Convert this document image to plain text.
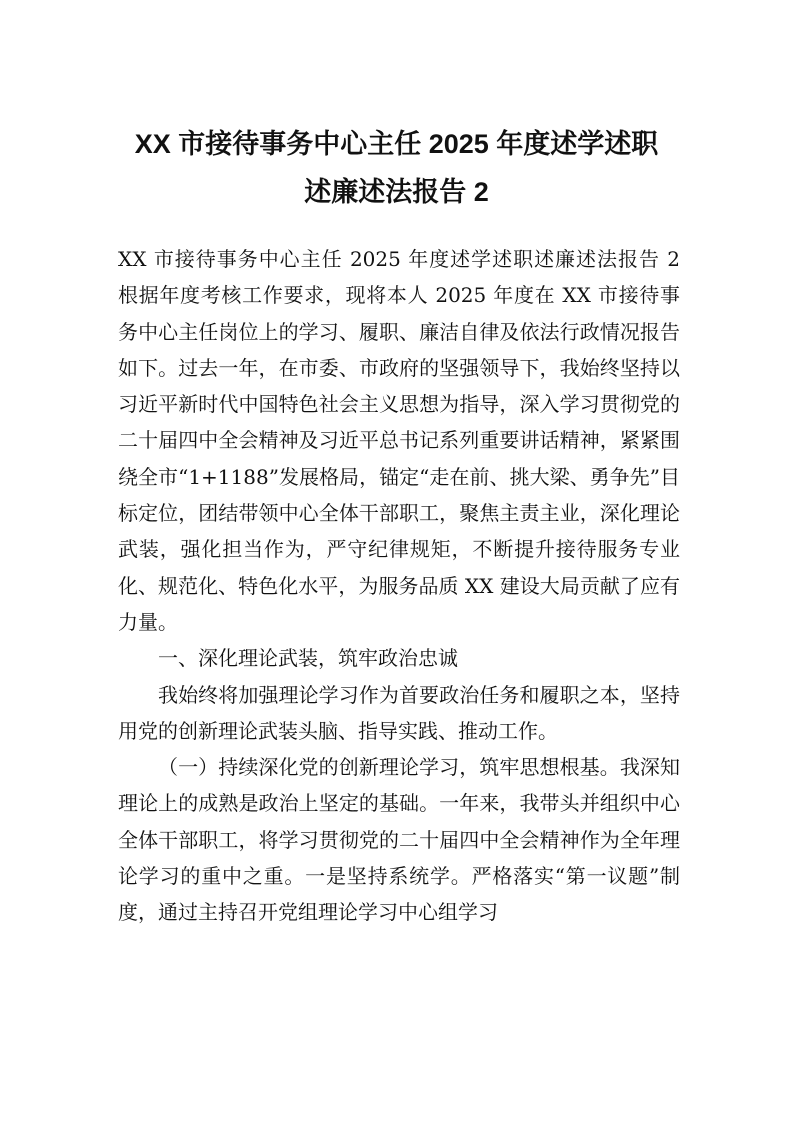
XX 市接待事务中心主任 2025 年度述学述职
述廉述法报告 2

XX 市接待事务中心主任 2025 年度述学述职述廉述法报告 2 根据年度考核工作要求，现将本人 2025 年度在 XX 市接待事务中心主任岗位上的学习、履职、廉洁自律及依法行政情况报告如下。过去一年，在市委、市政府的坚强领导下，我始终坚持以习近平新时代中国特色社会主义思想为指导，深入学习贯彻党的二十届四中全会精神及习近平总书记系列重要讲话精神，紧紧围绕全市“1+1188”发展格局，锚定“走在前、挑大梁、勇争先”目标定位，团结带领中心全体干部职工，聚焦主责主业，深化理论武装，强化担当作为，严守纪律规矩，不断提升接待服务专业化、规范化、特色化水平，为服务品质 XX 建设大局贡献了应有力量。

一、深化理论武装，筑牢政治忠诚

我始终将加强理论学习作为首要政治任务和履职之本，坚持用党的创新理论武装头脑、指导实践、推动工作。

（一）持续深化党的创新理论学习，筑牢思想根基。我深知理论上的成熟是政治上坚定的基础。一年来，我带头并组织中心全体干部职工，将学习贯彻党的二十届四中全会精神作为全年理论学习的重中之重。一是坚持系统学。严格落实“第一议题”制度，通过主持召开党组理论学习中心组学习
